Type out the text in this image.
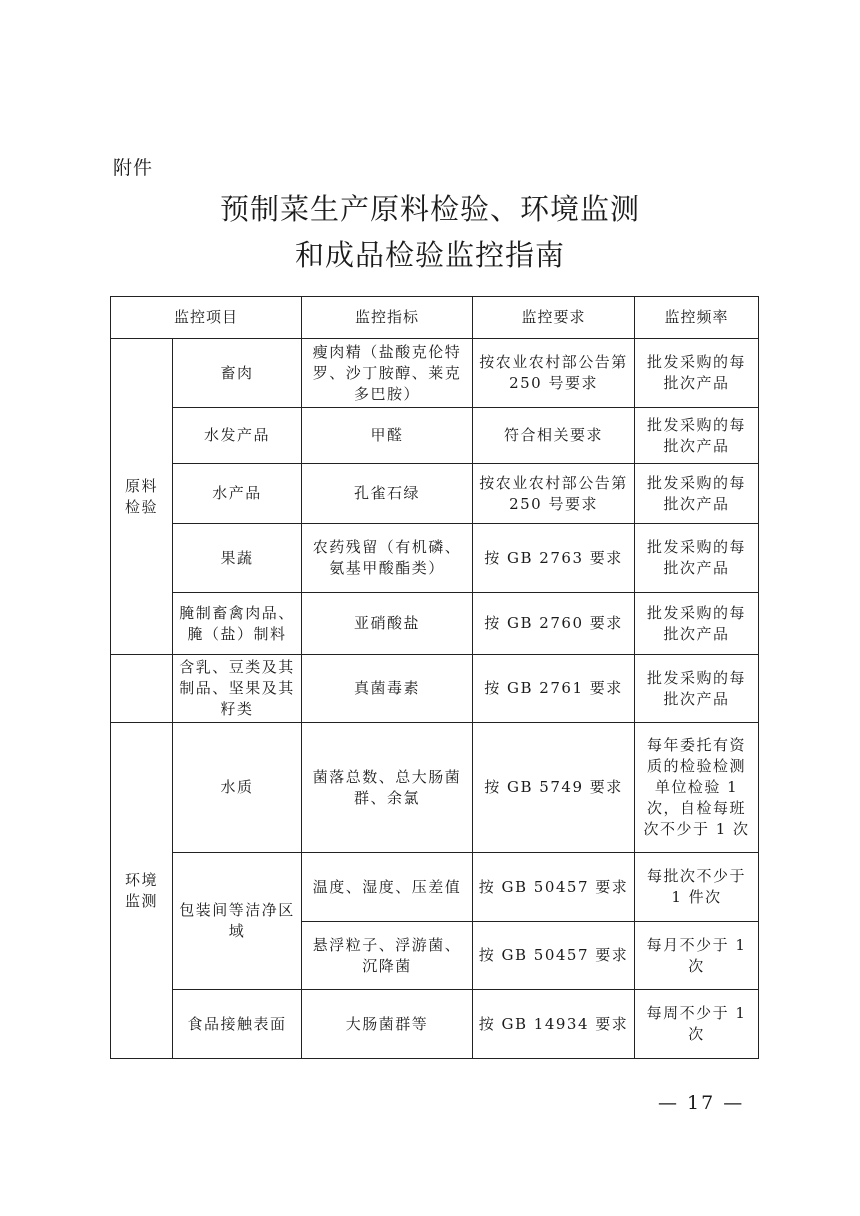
附件
预制菜生产原料检验、环境监测
和成品检验监控指南
监控项目		监控指标	监控要求	监控频率

原料检验	畜肉	瘦肉精（盐酸克伦特罗、沙丁胺醇、莱克多巴胺）	按农业农村部公告第 250 号要求	批发采购的每批次产品
	水发产品	甲醛	符合相关要求	批发采购的每批次产品
	水产品	孔雀石绿	按农业农村部公告第 250 号要求	批发采购的每批次产品
	果蔬	农药残留（有机磷、氨基甲酸酯类）	按 GB 2763 要求	批发采购的每批次产品
	腌制畜禽肉品、腌（盐）制料	亚硝酸盐	按 GB 2760 要求	批发采购的每批次产品
	含乳、豆类及其制品、坚果及其籽类	真菌毒素	按 GB 2761 要求	批发采购的每批次产品

环境监测	水质	菌落总数、总大肠菌群、余氯	按 GB 5749 要求	每年委托有资质的检验检测单位检验 1 次，自检每班次不少于 1 次
	包装间等洁净区域	温度、湿度、压差值	按 GB 50457 要求	每批次不少于 1 件次
		悬浮粒子、浮游菌、沉降菌	按 GB 50457 要求	每月不少于 1 次
	食品接触表面	大肠菌群等	按 GB 14934 要求	每周不少于 1 次
— 17 —
